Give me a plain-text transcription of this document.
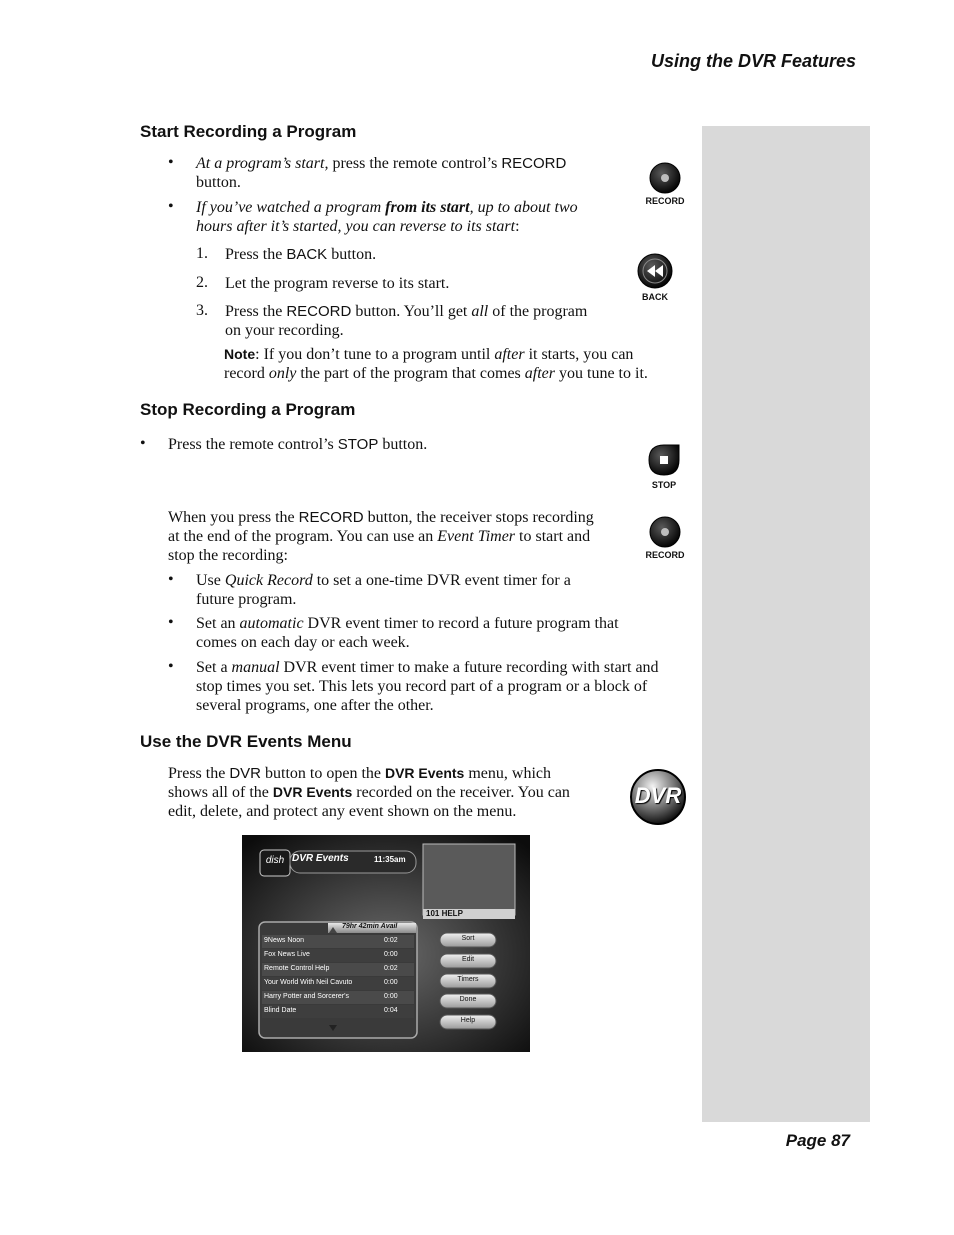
Using the DVR Features
Start Recording a Program
• At a program’s start, press the remote control’s RECORD
button.
• If you’ve watched a program from its start, up to about two
hours after it’s started, you can reverse to its start:
1. Press the BACK button.
2. Let the program reverse to its start.
3. Press the RECORD button. You’ll get all of the program
on your recording.
Note: If you don’t tune to a program until after it starts, you can
record only the part of the program that comes after you tune to it.
RECORD
BACK
Stop Recording a Program
• Press the remote control’s STOP button.
STOP
When you press the RECORD button, the receiver stops recording
at the end of the program. You can use an Event Timer to start and
stop the recording:	RECORD
• Use Quick Record to set a one-time DVR event timer for a
future program.
• Set an automatic DVR event timer to record a future program that
comes on each day or each week.
• Set a manual DVR event timer to make a future recording with start and
stop times you set. This lets you record part of a program or a block of
several programs, one after the other.
Use the DVR Events Menu
Press the DVR button to open the DVR Events menu, which
shows all of the DVR Events recorded on the receiver. You can
edit, delete, and protect any event shown on the menu.
DVR
dish DVR Events	11:35am
101 HELP
79hr 42min Avail
9News Noon	0:02
Fox News Live	0:00
Remote Control Help	0:02
Your World With Neil Cavuto	0:00
Harry Potter and Sorcerer's	0:00
Blind Date	0:04
Sort
Edit
Timers
Done
Help
Page 87
